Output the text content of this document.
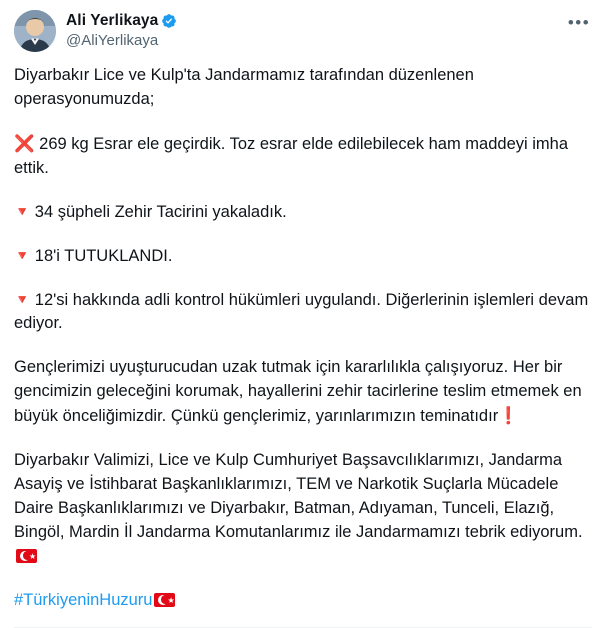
Ali Yerlikaya
@AliYerlikaya
•••

Diyarbakır Lice ve Kulp'ta Jandarmamız tarafından düzenlenen operasyonumuzda;

❌ 269 kg Esrar ele geçirdik. Toz esrar elde edilebilecek ham maddeyi imha ettik.

🔻 34 şüpheli Zehir Tacirini yakaladık.

🔻 18'i TUTUKLANDI.

🔻 12'si hakkında adli kontrol hükümleri uygulandı. Diğerlerinin işlemleri devam ediyor.

Gençlerimizi uyuşturucudan uzak tutmak için kararlılıkla çalışıyoruz. Her bir gencimizin geleceğini korumak, hayallerini zehir tacirlerine teslim etmemek en büyük önceliğimizdir. Çünkü gençlerimiz, yarınlarımızın teminatıdır❗

Diyarbakır Valimizi, Lice ve Kulp Cumhuriyet Başsavcılıklarımızı, Jandarma Asayiş ve İstihbarat Başkanlıklarımızı, TEM ve Narkotik Suçlarla Mücadele Daire Başkanlıklarımızı ve Diyarbakır, Batman, Adıyaman, Tunceli, Elazığ, Bingöl, Mardin İl Jandarma Komutanlarımız ile Jandarmamızı tebrik ediyorum.
★

#TürkiyeninHuzuru ★
